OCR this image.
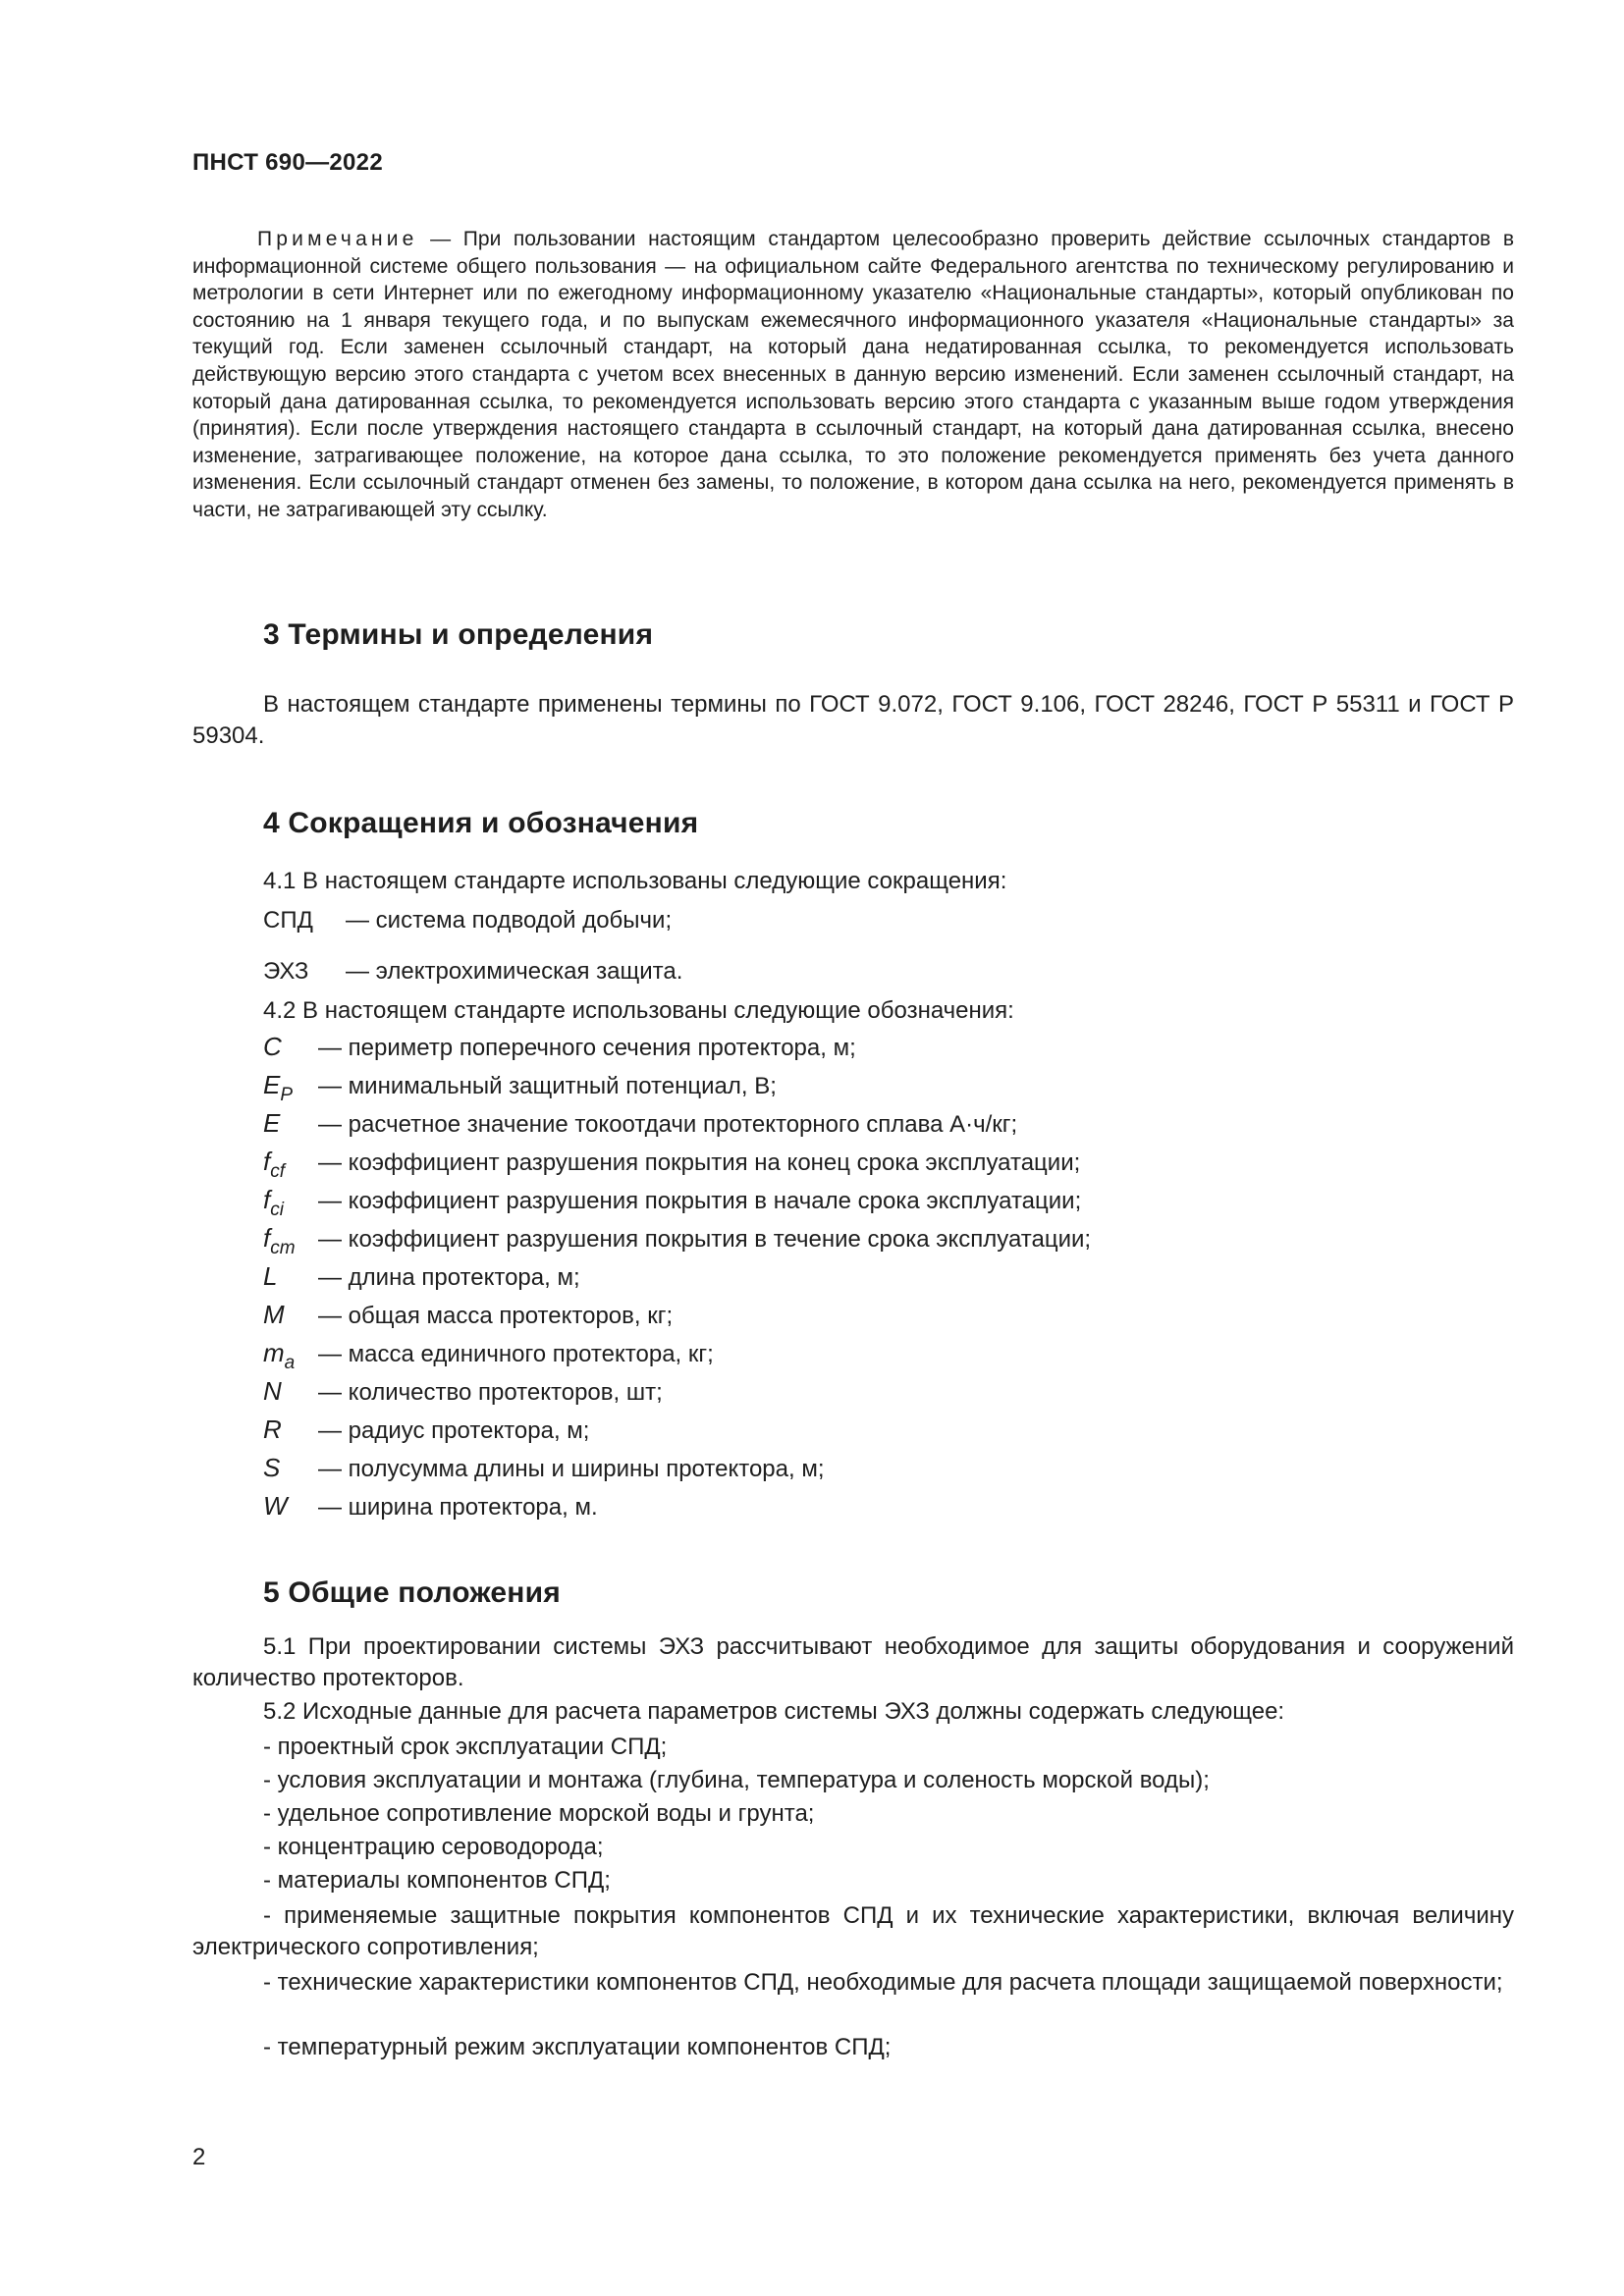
ПНСТ 690—2022
Примечание — При пользовании настоящим стандартом целесообразно проверить действие ссылочных стандартов в информационной системе общего пользования — на официальном сайте Федерального агентства по техническому регулированию и метрологии в сети Интернет или по ежегодному информационному указателю «Национальные стандарты», который опубликован по состоянию на 1 января текущего года, и по выпускам ежемесячного информационного указателя «Национальные стандарты» за текущий год. Если заменен ссылочный стандарт, на который дана недатированная ссылка, то рекомендуется использовать действующую версию этого стандарта с учетом всех внесенных в данную версию изменений. Если заменен ссылочный стандарт, на который дана датированная ссылка, то рекомендуется использовать версию этого стандарта с указанным выше годом утверждения (принятия). Если после утверждения настоящего стандарта в ссылочный стандарт, на который дана датированная ссылка, внесено изменение, затрагивающее положение, на которое дана ссылка, то это положение рекомендуется применять без учета данного изменения. Если ссылочный стандарт отменен без замены, то положение, в котором дана ссылка на него, рекомендуется применять в части, не затрагивающей эту ссылку.
3 Термины и определения
В настоящем стандарте применены термины по ГОСТ 9.072, ГОСТ 9.106, ГОСТ 28246, ГОСТ Р 55311 и ГОСТ Р 59304.
4 Сокращения и обозначения
4.1 В настоящем стандарте использованы следующие сокращения:
СПД — система подводой добычи;
ЭХЗ — электрохимическая защита.
4.2 В настоящем стандарте использованы следующие обозначения:
C — периметр поперечного сечения протектора, м;
$E_P$ — минимальный защитный потенциал, В;
E — расчетное значение токоотдачи протекторного сплава А·ч/кг;
$f_{cf}$ — коэффициент разрушения покрытия на конец срока эксплуатации;
$f_{ci}$ — коэффициент разрушения покрытия в начале срока эксплуатации;
$f_{cm}$ — коэффициент разрушения покрытия в течение срока эксплуатации;
L — длина протектора, м;
M — общая масса протекторов, кг;
$m_a$ — масса единичного протектора, кг;
N — количество протекторов, шт;
R — радиус протектора, м;
S — полусумма длины и ширины протектора, м;
W — ширина протектора, м.
5 Общие положения
5.1 При проектировании системы ЭХЗ рассчитывают необходимое для защиты оборудования и сооружений количество протекторов.
5.2 Исходные данные для расчета параметров системы ЭХЗ должны содержать следующее:
- проектный срок эксплуатации СПД;
- условия эксплуатации и монтажа (глубина, температура и соленость морской воды);
- удельное сопротивление морской воды и грунта;
- концентрацию сероводорода;
- материалы компонентов СПД;
- применяемые защитные покрытия компонентов СПД и их технические характеристики, включая величину электрического сопротивления;
- технические характеристики компонентов СПД, необходимые для расчета площади защищаемой поверхности;
- температурный режим эксплуатации компонентов СПД;
2
